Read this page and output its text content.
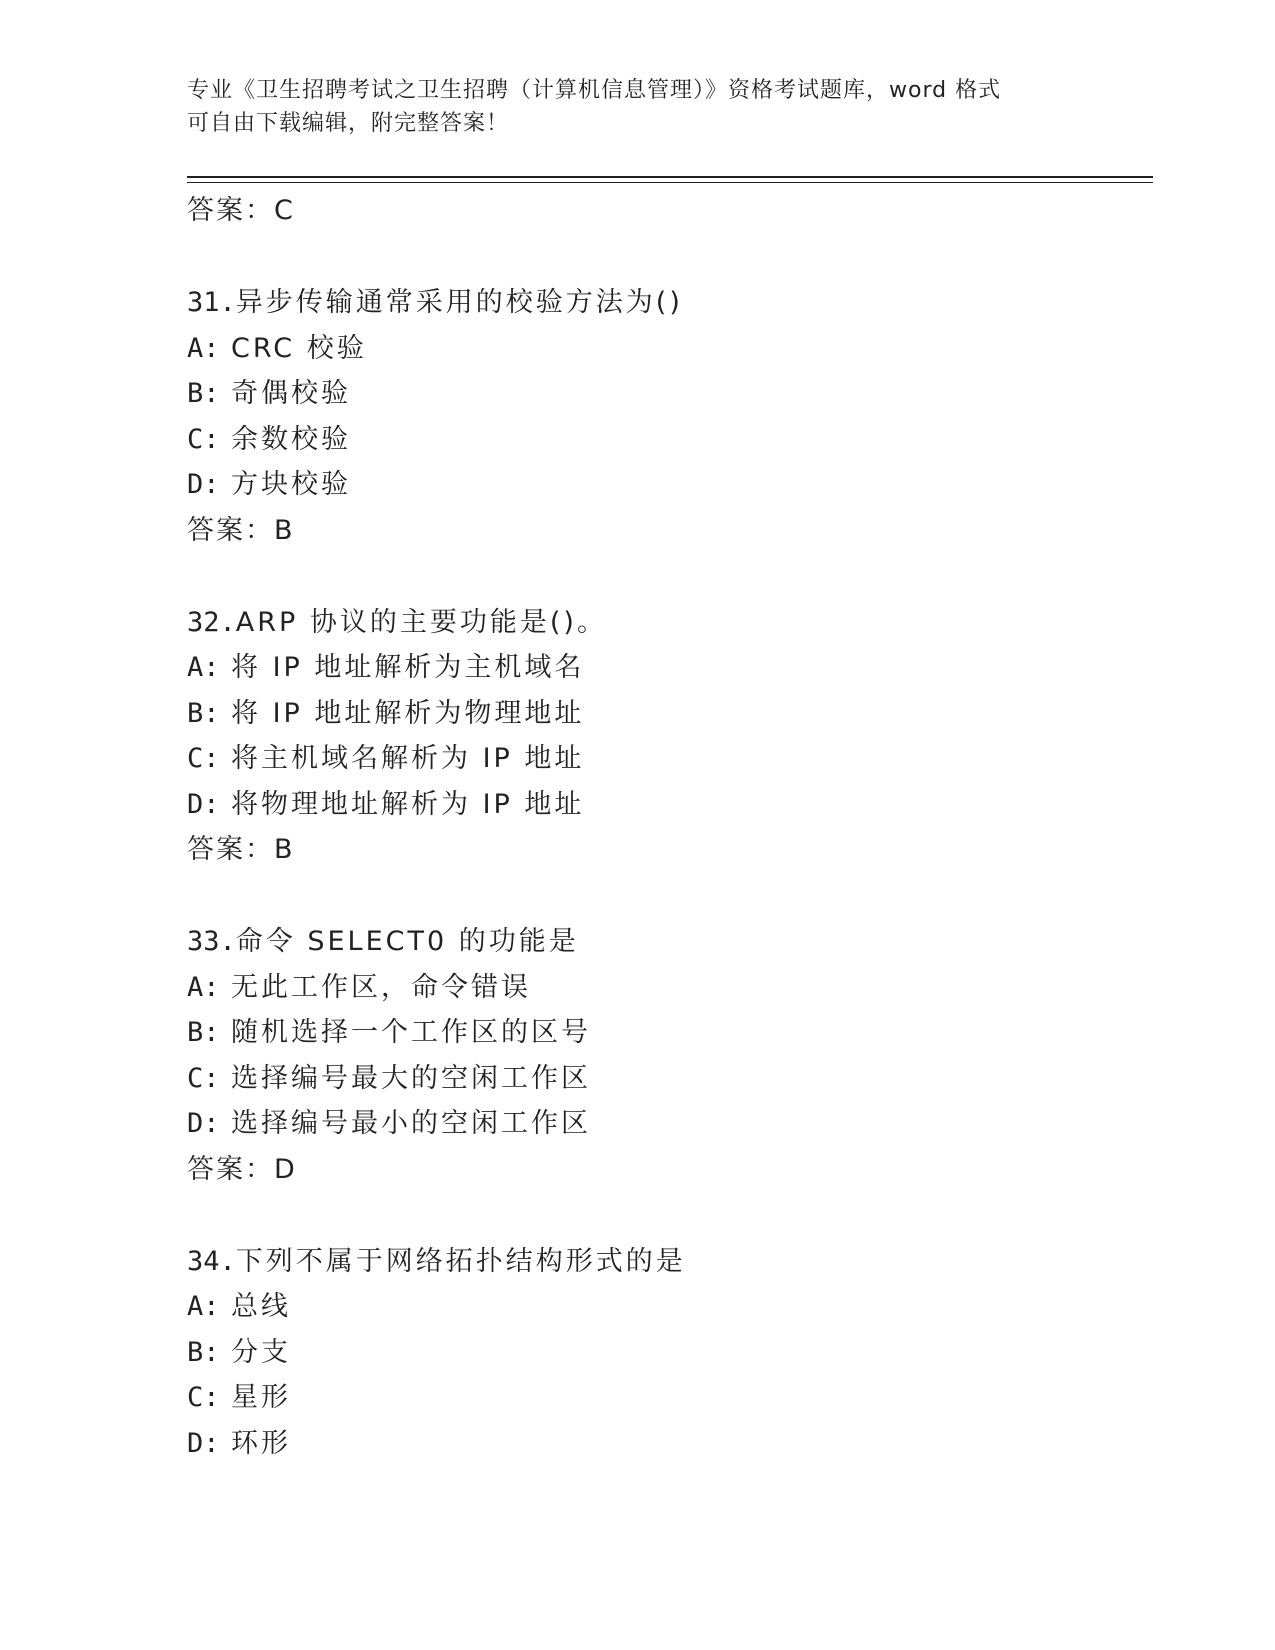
专业《卫生招聘考试之卫生招聘（计算机信息管理）》资格考试题库，word 格式
可自由下载编辑，附完整答案！
答案：C
31.异步传输通常采用的校验方法为()
A: CRC 校验
B: 奇偶校验
C: 余数校验
D: 方块校验
答案：B
32.ARP 协议的主要功能是()。
A: 将 IP 地址解析为主机域名
B: 将 IP 地址解析为物理地址
C: 将主机域名解析为 IP 地址
D: 将物理地址解析为 IP 地址
答案：B
33.命令 SELECT0 的功能是
A: 无此工作区，命令错误
B: 随机选择一个工作区的区号
C: 选择编号最大的空闲工作区
D: 选择编号最小的空闲工作区
答案：D
34.下列不属于网络拓扑结构形式的是
A: 总线
B: 分支
C: 星形
D: 环形
